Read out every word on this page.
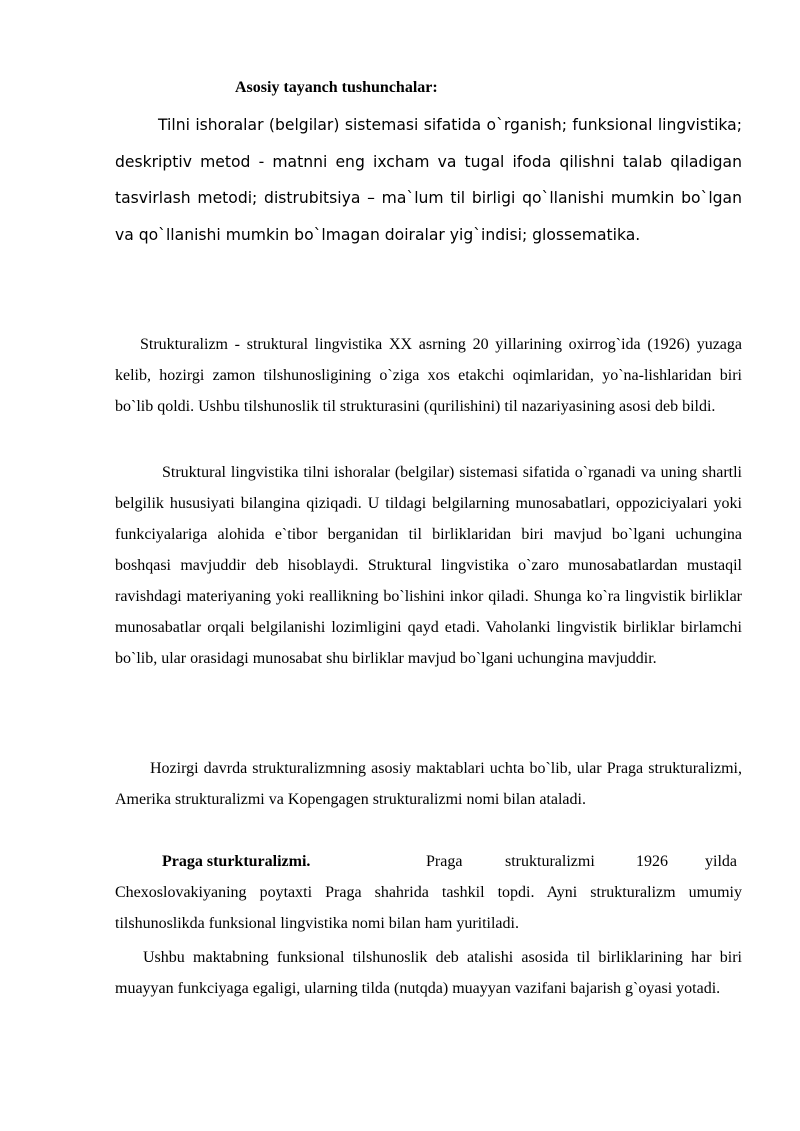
Asosiy tayanch tushunchalar:

Tilni ishoralar (belgilar) sistemasi sifatida o`rganish; funksional lingvistika; deskriptiv metod - matnni eng ixcham va tugal ifoda qilishni talab qiladigan tasvirlash metodi; distrubitsiya – ma`lum til birligi qo`llanishi mumkin bo`lgan va qo`llanishi mumkin bo`lmagan doiralar yig`indisi; glossematika.

Strukturalizm - struktural lingvistika XX asrning 20 yillarining oxirrog`ida (1926) yuzaga kelib, hozirgi zamon tilshunosligining o`ziga xos etakchi oqimlaridan, yo`na-lishlaridan biri bo`lib qoldi. Ushbu tilshunoslik til strukturasini (qurilishini) til nazariyasining asosi deb bildi.

Struktural lingvistika tilni ishoralar (belgilar) sistemasi sifatida o`rganadi va uning shartli belgilik hususiyati bilangina qiziqadi. U tildagi belgilarning munosabatlari, oppoziciyalari yoki funkciyalariga alohida e`tibor berganidan til birliklaridan biri mavjud bo`lgani uchungina boshqasi mavjuddir deb hisoblaydi. Struktural lingvistika o`zaro munosabatlardan mustaqil ravishdagi materiyaning yoki reallikning bo`lishini inkor qiladi. Shunga ko`ra lingvistik birliklar munosabatlar orqali belgilanishi lozimligini qayd etadi. Vaholanki lingvistik birliklar birlamchi bo`lib, ular orasidagi munosabat shu birliklar mavjud bo`lgani uchungina mavjuddir.

Hozirgi davrda strukturalizmning asosiy maktablari uchta bo`lib, ular Praga strukturalizmi, Amerika strukturalizmi va Kopengagen strukturalizmi nomi bilan ataladi.

Praga sturkturalizmi.	Praga	strukturalizmi	1926 yilda

Chexoslovakiyaning poytaxti Praga shahrida tashkil topdi. Ayni strukturalizm umumiy tilshunoslikda funksional lingvistika nomi bilan ham yuritiladi.

Ushbu maktabning funksional tilshunoslik deb atalishi asosida til birliklarining har biri muayyan funkciyaga egaligi, ularning tilda (nutqda) muayyan vazifani bajarish g`oyasi yotadi.
